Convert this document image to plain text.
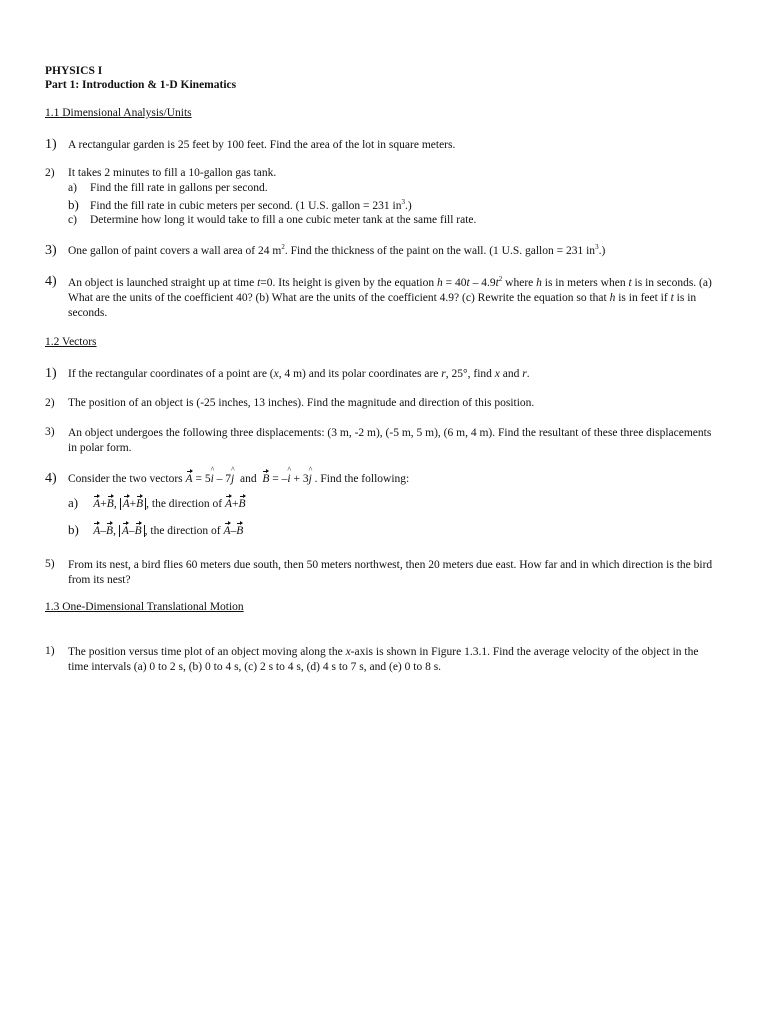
PHYSICS I
Part 1: Introduction & 1-D Kinematics
1.1 Dimensional Analysis/Units
1) A rectangular garden is 25 feet by 100 feet. Find the area of the lot in square meters.
2) It takes 2 minutes to fill a 10-gallon gas tank.
a) Find the fill rate in gallons per second.
b) Find the fill rate in cubic meters per second. (1 U.S. gallon = 231 $in^3$.)
c) Determine how long it would take to fill a one cubic meter tank at the same fill rate.
3) One gallon of paint covers a wall area of 24 $m^2$. Find the thickness of the paint on the wall. (1 U.S. gallon = 231 $in^3$.)
4) An object is launched straight up at time t=0. Its height is given by the equation $h = 40t - 4.9t^2$ where h is in meters when t is in seconds. (a) What are the units of the coefficient 40? (b) What are the units of the coefficient 4.9? (c) Rewrite the equation so that h is in feet if t is in seconds.
1.2 Vectors
1) If the rectangular coordinates of a point are (x, 4 m) and its polar coordinates are r, 25°, find x and r.
2) The position of an object is (-25 inches, 13 inches). Find the magnitude and direction of this position.
3) An object undergoes the following three displacements: (3 m, -2 m), (-5 m, 5 m), (6 m, 4 m). Find the resultant of these three displacements in polar form.
4) Consider the two vectors A = 5i ^ – 7j ^  and  B = –i ^ + 3j ^ . Find the following:
a) A+B, A+B , the direction of A+B
b) A–B, A–B , the direction of A–B
5) From its nest, a bird flies 60 meters due south, then 50 meters northwest, then 20 meters due east. How far and in which direction is the bird from its nest?
1.3 One-Dimensional Translational Motion
1) The position versus time plot of an object moving along the x-axis is shown in Figure 1.3.1. Find the average velocity of the object in the time intervals (a) 0 to 2 s, (b) 0 to 4 s, (c) 2 s to 4 s, (d) 4 s to 7 s, and (e) 0 to 8 s.
